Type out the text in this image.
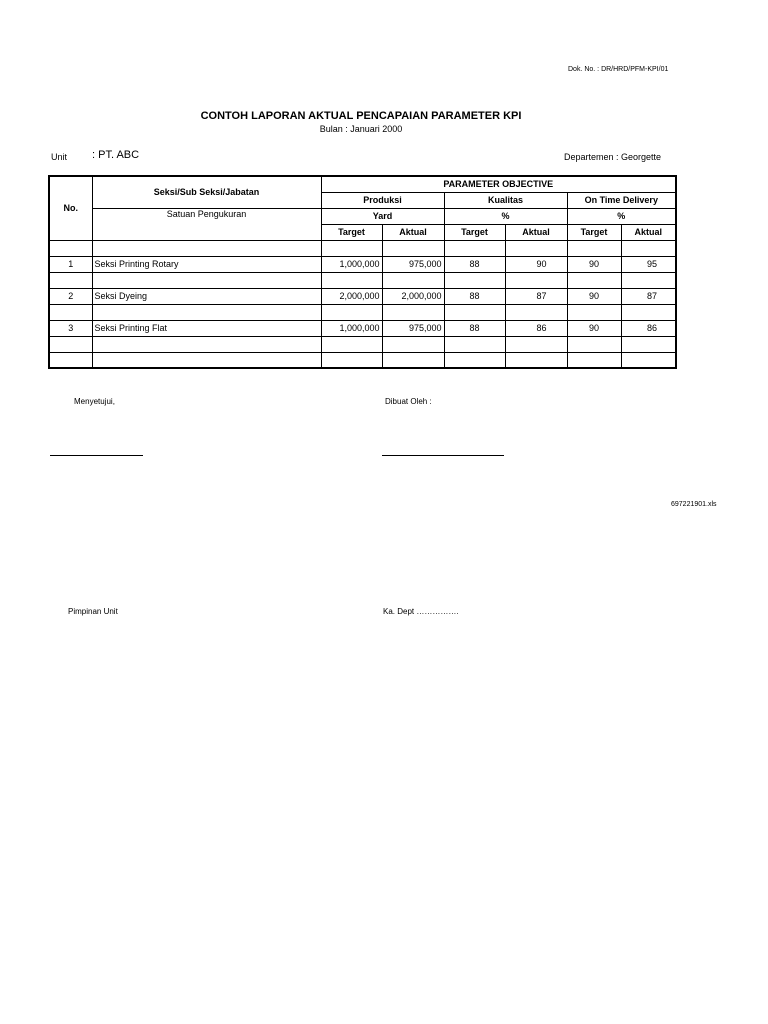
Dok. No. : DR/HRD/PFM-KPI/01
CONTOH LAPORAN AKTUAL PENCAPAIAN PARAMETER KPI
Bulan : Januari 2000
Unit : PT. ABC	Departemen : Georgette
No.	Seksi/Sub Seksi/Jabatan	PARAMETER OBJECTIVE					
		Produksi		Kualitas		On Time Delivery	
	Satuan Pengukuran	Yard		%		%	
		Target	Aktual	Target	Aktual	Target	Aktual

1	Seksi Printing Rotary	1,000,000	975,000	88	90	90	95

2	Seksi Dyeing	2,000,000	2,000,000	88	87	90	87

3	Seksi Printing Flat	1,000,000	975,000	88	86	90	86

Menyetujui,	Dibuat Oleh :
697221901.xls
Pimpinan Unit	Ka. Dept …………….
